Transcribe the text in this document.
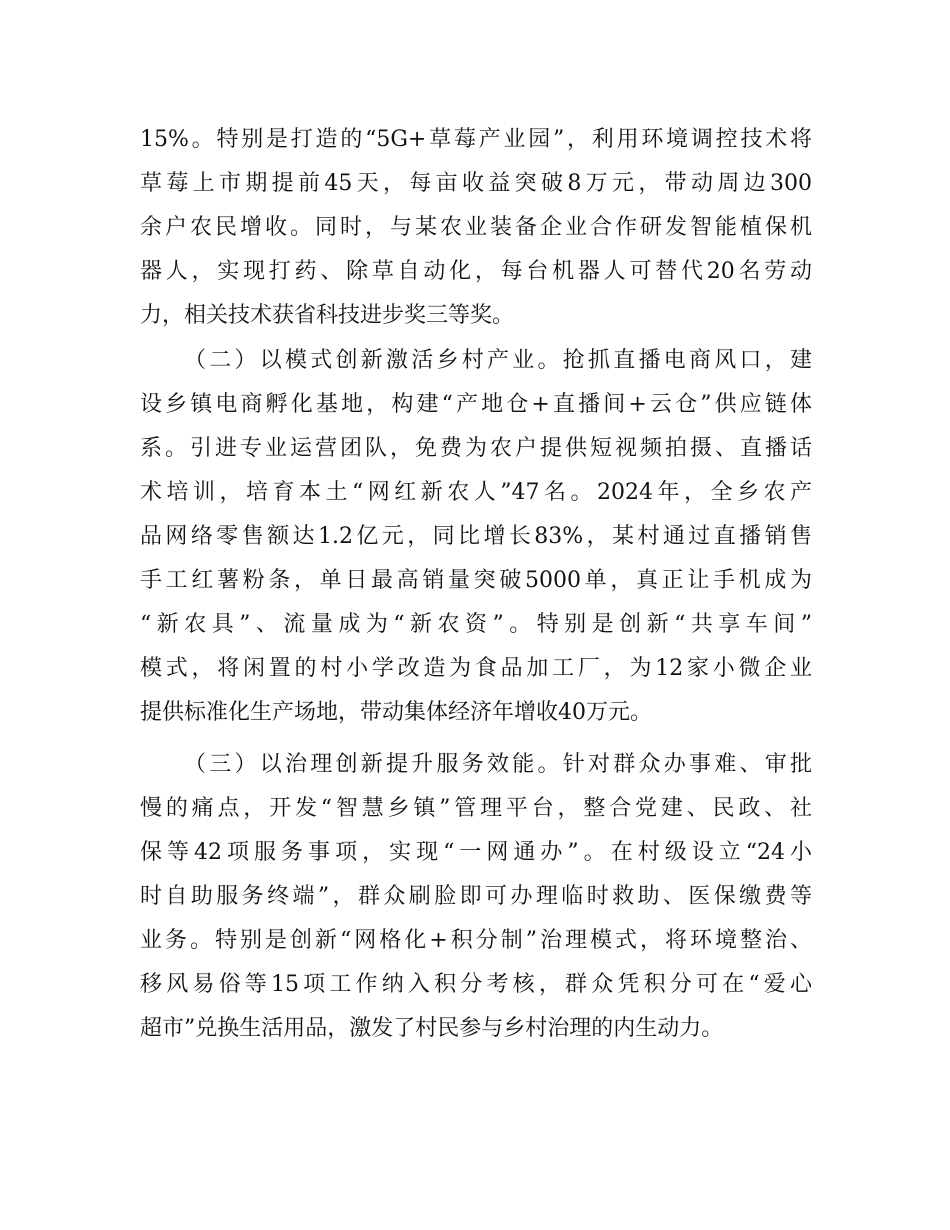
15%。特别是打造的“5G+草莓产业园”，利用环境调控技术将
草莓上市期提前45天，每亩收益突破8万元，带动周边300
余户农民增收。同时，与某农业装备企业合作研发智能植保机
器人，实现打药、除草自动化，每台机器人可替代20名劳动
力，相关技术获省科技进步奖三等奖。
（二）以模式创新激活乡村产业。抢抓直播电商风口，建
设乡镇电商孵化基地，构建“产地仓+直播间+云仓”供应链体
系。引进专业运营团队，免费为农户提供短视频拍摄、直播话
术培训，培育本土“网红新农人”47名。2024年，全乡农产
品网络零售额达1.2亿元，同比增长83%，某村通过直播销售
手工红薯粉条，单日最高销量突破5000单，真正让手机成为
“新农具”、流量成为“新农资”。特别是创新“共享车间”
模式，将闲置的村小学改造为食品加工厂，为12家小微企业
提供标准化生产场地，带动集体经济年增收40万元。
（三）以治理创新提升服务效能。针对群众办事难、审批
慢的痛点，开发“智慧乡镇”管理平台，整合党建、民政、社
保等42项服务事项，实现“一网通办”。在村级设立“24小
时自助服务终端”，群众刷脸即可办理临时救助、医保缴费等
业务。特别是创新“网格化+积分制”治理模式，将环境整治、
移风易俗等15项工作纳入积分考核，群众凭积分可在“爱心
超市”兑换生活用品，激发了村民参与乡村治理的内生动力。
